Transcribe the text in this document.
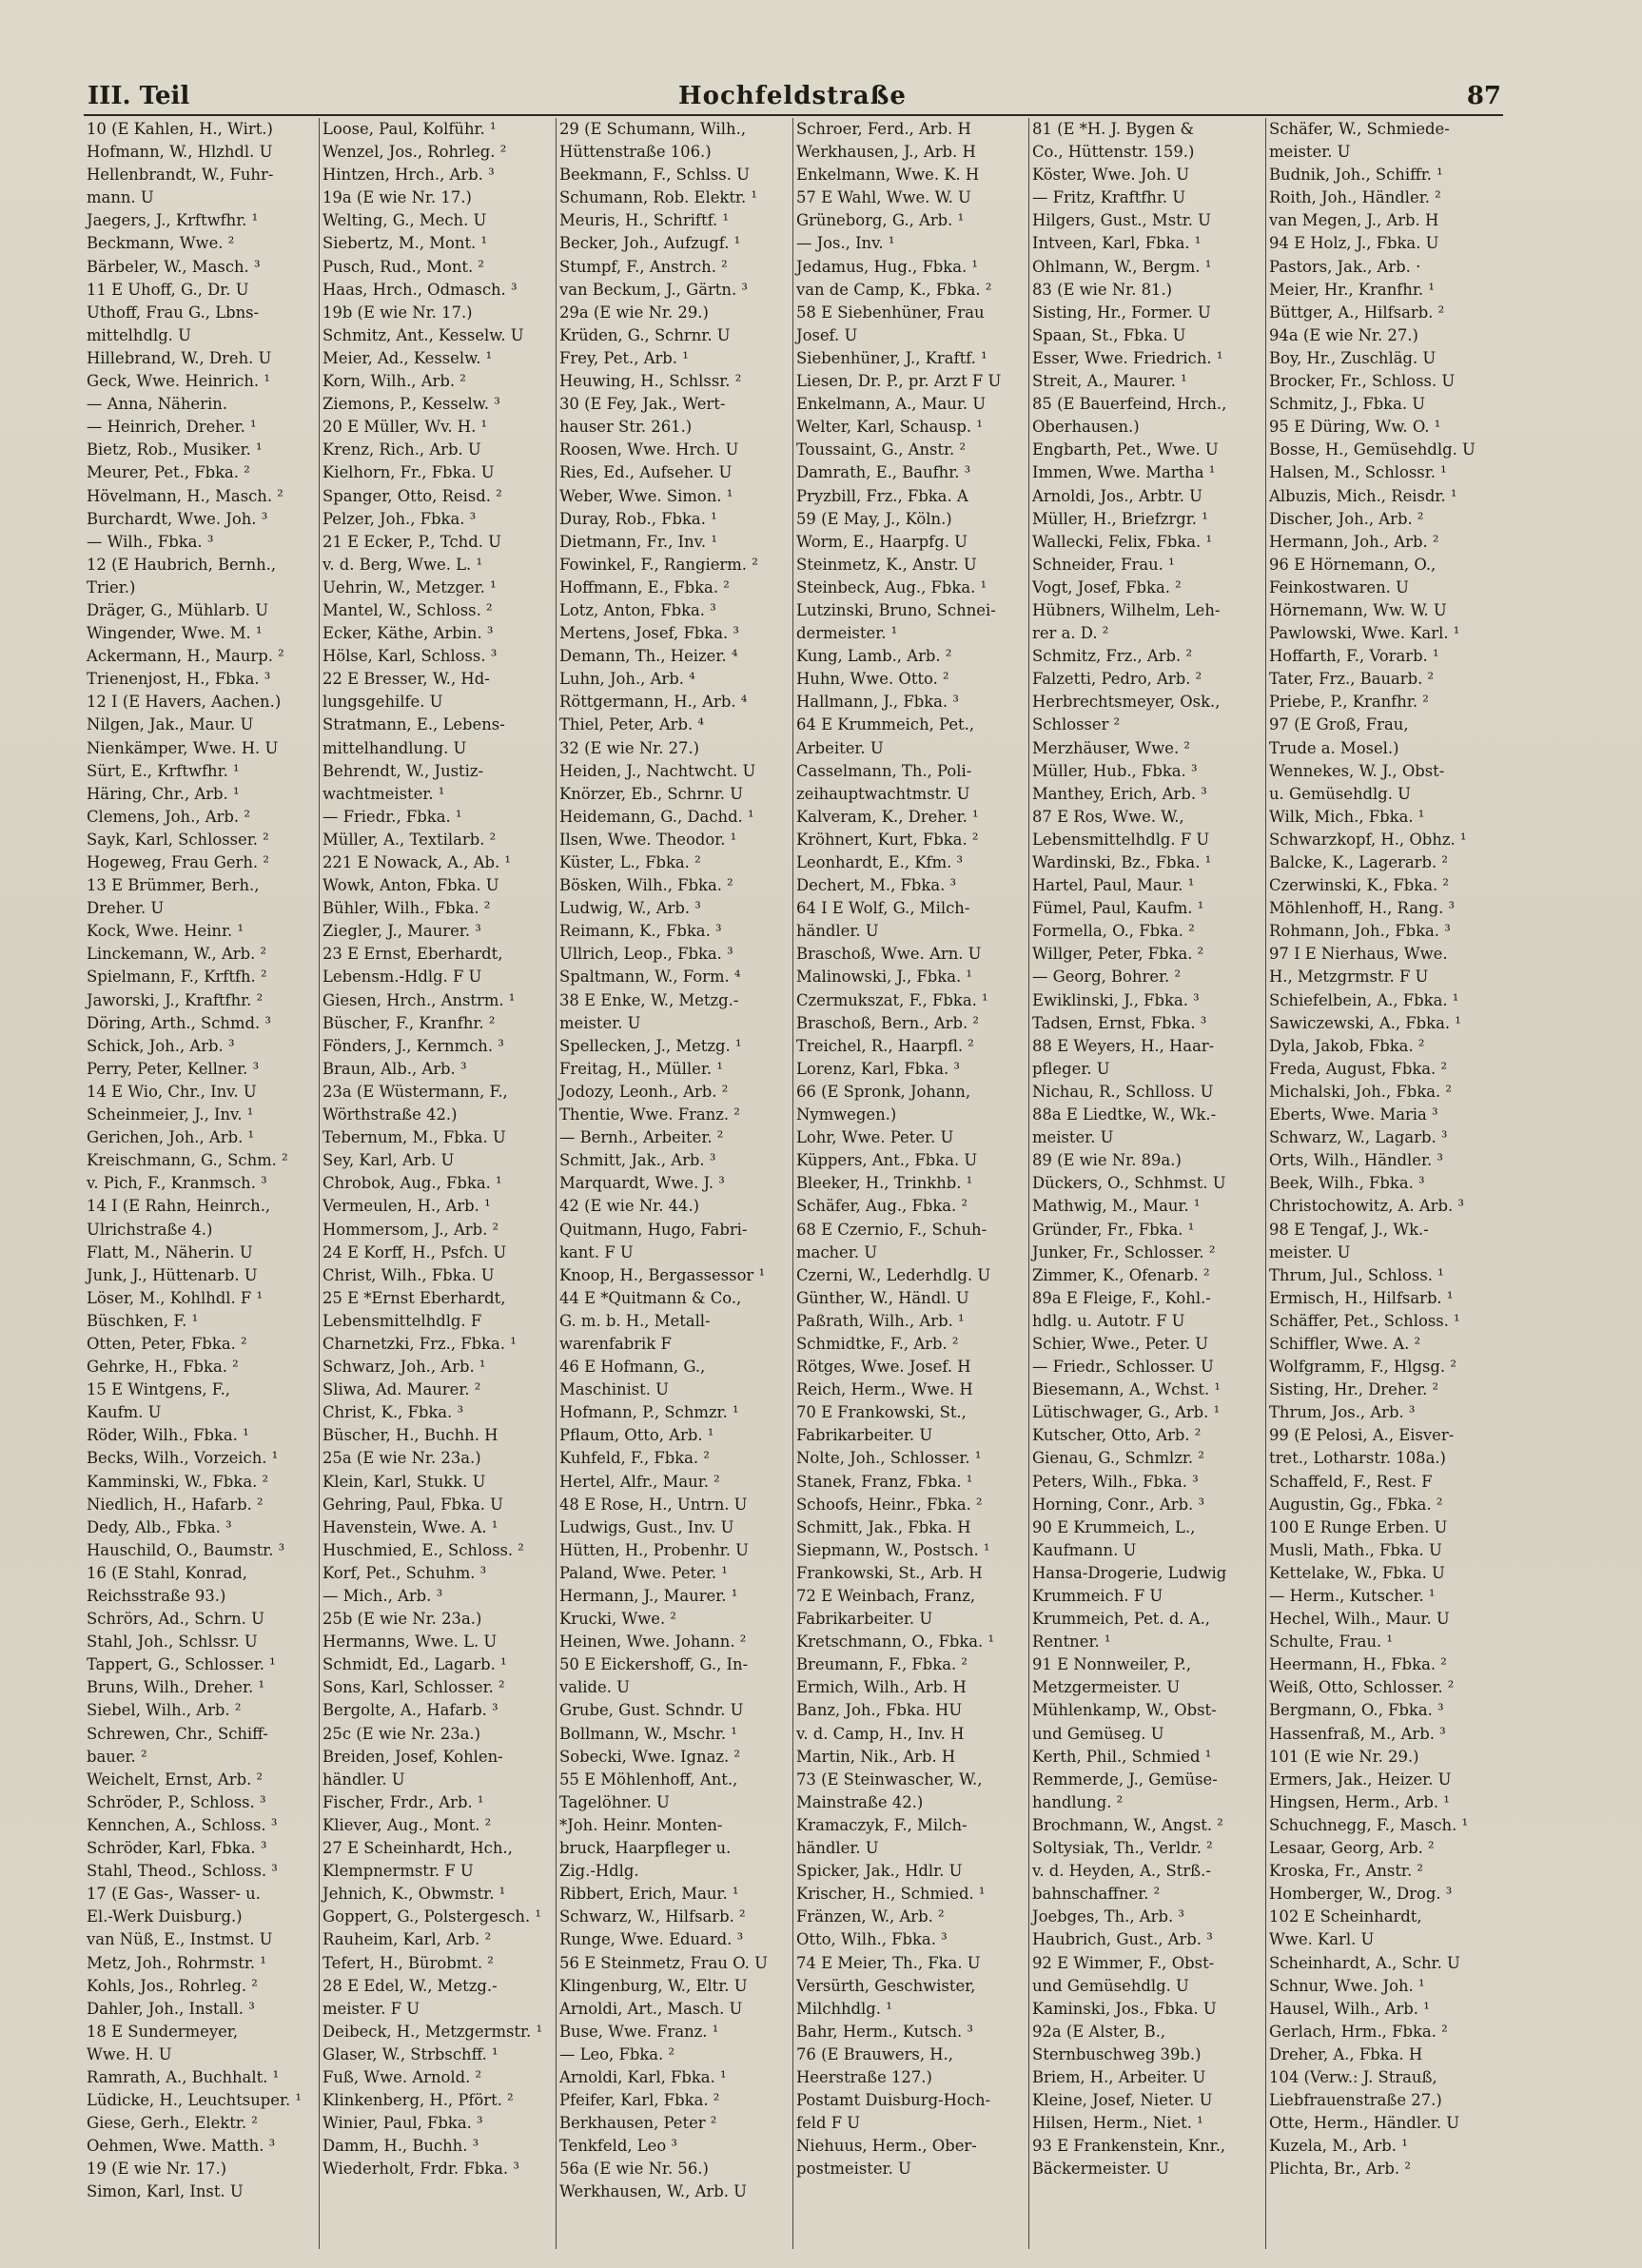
III. Teil	Hochfeldstraße	87
10 (E Kahlen, H., Wirt.)
Hofmann, W., Hlzhdl. U
Hellenbrandt, W., Fuhr-
mann. U
Jaegers, J., Krftwfhr. ¹
Beckmann, Wwe. ²
Bärbeler, W., Masch. ³
11 E Uhoff, G., Dr. U
Uthoff, Frau G., Lbns-
mittelhdlg. U
Hillebrand, W., Dreh. U
Geck, Wwe. Heinrich. ¹
— Anna, Näherin.
— Heinrich, Dreher. ¹
Bietz, Rob., Musiker. ¹
Meurer, Pet., Fbka. ²
Hövelmann, H., Masch. ²
Burchardt, Wwe. Joh. ³
— Wilh., Fbka. ³
12 (E Haubrich, Bernh.,
Trier.)
Dräger, G., Mühlarb. U
Wingender, Wwe. M. ¹
Ackermann, H., Maurp. ²
Trienenjost, H., Fbka. ³
12 I (E Havers, Aachen.)
Nilgen, Jak., Maur. U
Nienkämper, Wwe. H. U
Sürt, E., Krftwfhr. ¹
Häring, Chr., Arb. ¹
Clemens, Joh., Arb. ²
Sayk, Karl, Schlosser. ²
Hogeweg, Frau Gerh. ²
13 E Brümmer, Berh.,
Dreher. U
Kock, Wwe. Heinr. ¹
Linckemann, W., Arb. ²
Spielmann, F., Krftfh. ²
Jaworski, J., Kraftfhr. ²
Döring, Arth., Schmd. ³
Schick, Joh., Arb. ³
Perry, Peter, Kellner. ³
14 E Wio, Chr., Inv. U
Scheinmeier, J., Inv. ¹
Gerichen, Joh., Arb. ¹
Kreischmann, G., Schm. ²
v. Pich, F., Kranmsch. ³
14 I (E Rahn, Heinrch.,
Ulrichstraße 4.)
Flatt, M., Näherin. U
Junk, J., Hüttenarb. U
Löser, M., Kohlhdl. F ¹
Büschken, F. ¹
Otten, Peter, Fbka. ²
Gehrke, H., Fbka. ²
15 E Wintgens, F.,
Kaufm. U
Röder, Wilh., Fbka. ¹
Becks, Wilh., Vorzeich. ¹
Kamminski, W., Fbka. ²
Niedlich, H., Hafarb. ²
Dedy, Alb., Fbka. ³
Hauschild, O., Baumstr. ³
16 (E Stahl, Konrad,
Reichsstraße 93.)
Schrörs, Ad., Schrn. U
Stahl, Joh., Schlssr. U
Tappert, G., Schlosser. ¹
Bruns, Wilh., Dreher. ¹
Siebel, Wilh., Arb. ²
Schrewen, Chr., Schiff-
bauer. ²
Weichelt, Ernst, Arb. ²
Schröder, P., Schloss. ³
Kennchen, A., Schloss. ³
Schröder, Karl, Fbka. ³
Stahl, Theod., Schloss. ³
17 (E Gas-, Wasser- u.
El.-Werk Duisburg.)
van Nüß, E., Instmst. U
Metz, Joh., Rohrmstr. ¹
Kohls, Jos., Rohrleg. ²
Dahler, Joh., Install. ³
18 E Sundermeyer,
Wwe. H. U
Ramrath, A., Buchhalt. ¹
Lüdicke, H., Leuchtsuper. ¹
Giese, Gerh., Elektr. ²
Oehmen, Wwe. Matth. ³
19 (E wie Nr. 17.)
Simon, Karl, Inst. U
Loose, Paul, Kolführ. ¹
Wenzel, Jos., Rohrleg. ²
Hintzen, Hrch., Arb. ³
19a (E wie Nr. 17.)
Welting, G., Mech. U
Siebertz, M., Mont. ¹
Pusch, Rud., Mont. ²
Haas, Hrch., Odmasch. ³
19b (E wie Nr. 17.)
Schmitz, Ant., Kesselw. U
Meier, Ad., Kesselw. ¹
Korn, Wilh., Arb. ²
Ziemons, P., Kesselw. ³
20 E Müller, Wv. H. ¹
Krenz, Rich., Arb. U
Kielhorn, Fr., Fbka. U
Spanger, Otto, Reisd. ²
Pelzer, Joh., Fbka. ³
21 E Ecker, P., Tchd. U
v. d. Berg, Wwe. L. ¹
Uehrin, W., Metzger. ¹
Mantel, W., Schloss. ²
Ecker, Käthe, Arbin. ³
Hölse, Karl, Schloss. ³
22 E Bresser, W., Hd-
lungsgehilfe. U
Stratmann, E., Lebens-
mittelhandlung. U
Behrendt, W., Justiz-
wachtmeister. ¹
— Friedr., Fbka. ¹
Müller, A., Textilarb. ²
221 E Nowack, A., Ab. ¹
Wowk, Anton, Fbka. U
Bühler, Wilh., Fbka. ²
Ziegler, J., Maurer. ³
23 E Ernst, Eberhardt,
Lebensm.-Hdlg. F U
Giesen, Hrch., Anstrm. ¹
Büscher, F., Kranfhr. ²
Fönders, J., Kernmch. ³
Braun, Alb., Arb. ³
23a (E Wüstermann, F.,
Wörthstraße 42.)
Tebernum, M., Fbka. U
Sey, Karl, Arb. U
Chrobok, Aug., Fbka. ¹
Vermeulen, H., Arb. ¹
Hommersom, J., Arb. ²
24 E Korff, H., Psfch. U
Christ, Wilh., Fbka. U
25 E *Ernst Eberhardt,
Lebensmittelhdlg. F
Charnetzki, Frz., Fbka. ¹
Schwarz, Joh., Arb. ¹
Sliwa, Ad. Maurer. ²
Christ, K., Fbka. ³
Büscher, H., Buchh. H
25a (E wie Nr. 23a.)
Klein, Karl, Stukk. U
Gehring, Paul, Fbka. U
Havenstein, Wwe. A. ¹
Huschmied, E., Schloss. ²
Korf, Pet., Schuhm. ³
— Mich., Arb. ³
25b (E wie Nr. 23a.)
Hermanns, Wwe. L. U
Schmidt, Ed., Lagarb. ¹
Sons, Karl, Schlosser. ²
Bergolte, A., Hafarb. ³
25c (E wie Nr. 23a.)
Breiden, Josef, Kohlen-
händler. U
Fischer, Frdr., Arb. ¹
Kliever, Aug., Mont. ²
27 E Scheinhardt, Hch.,
Klempnermstr. F U
Jehnich, K., Obwmstr. ¹
Goppert, G., Polstergesch. ¹
Rauheim, Karl, Arb. ²
Tefert, H., Bürobmt. ²
28 E Edel, W., Metzg.-
meister. F U
Deibeck, H., Metzgermstr. ¹
Glaser, W., Strbschff. ¹
Fuß, Wwe. Arnold. ²
Klinkenberg, H., Pfört. ²
Winier, Paul, Fbka. ³
Damm, H., Buchh. ³
Wiederholt, Frdr. Fbka. ³
29 (E Schumann, Wilh.,
Hüttenstraße 106.)
Beekmann, F., Schlss. U
Schumann, Rob. Elektr. ¹
Meuris, H., Schriftf. ¹
Becker, Joh., Aufzugf. ¹
Stumpf, F., Anstrch. ²
van Beckum, J., Gärtn. ³
29a (E wie Nr. 29.)
Krüden, G., Schrnr. U
Frey, Pet., Arb. ¹
Heuwing, H., Schlssr. ²
30 (E Fey, Jak., Wert-
hauser Str. 261.)
Roosen, Wwe. Hrch. U
Ries, Ed., Aufseher. U
Weber, Wwe. Simon. ¹
Duray, Rob., Fbka. ¹
Dietmann, Fr., Inv. ¹
Fowinkel, F., Rangierm. ²
Hoffmann, E., Fbka. ²
Lotz, Anton, Fbka. ³
Mertens, Josef, Fbka. ³
Demann, Th., Heizer. ⁴
Luhn, Joh., Arb. ⁴
Röttgermann, H., Arb. ⁴
Thiel, Peter, Arb. ⁴
32 (E wie Nr. 27.)
Heiden, J., Nachtwcht. U
Knörzer, Eb., Schrnr. U
Heidemann, G., Dachd. ¹
Ilsen, Wwe. Theodor. ¹
Küster, L., Fbka. ²
Bösken, Wilh., Fbka. ²
Ludwig, W., Arb. ³
Reimann, K., Fbka. ³
Ullrich, Leop., Fbka. ³
Spaltmann, W., Form. ⁴
38 E Enke, W., Metzg.-
meister. U
Spellecken, J., Metzg. ¹
Freitag, H., Müller. ¹
Jodozy, Leonh., Arb. ²
Thentie, Wwe. Franz. ²
— Bernh., Arbeiter. ²
Schmitt, Jak., Arb. ³
Marquardt, Wwe. J. ³
42 (E wie Nr. 44.)
Quitmann, Hugo, Fabri-
kant. F U
Knoop, H., Bergassessor ¹
44 E *Quitmann & Co.,
G. m. b. H., Metall-
warenfabrik F
46 E Hofmann, G.,
Maschinist. U
Hofmann, P., Schmzr. ¹
Pflaum, Otto, Arb. ¹
Kuhfeld, F., Fbka. ²
Hertel, Alfr., Maur. ²
48 E Rose, H., Untrn. U
Ludwigs, Gust., Inv. U
Hütten, H., Probenhr. U
Paland, Wwe. Peter. ¹
Hermann, J., Maurer. ¹
Krucki, Wwe. ²
Heinen, Wwe. Johann. ²
50 E Eickershoff, G., In-
valide. U
Grube, Gust. Schndr. U
Bollmann, W., Mschr. ¹
Sobecki, Wwe. Ignaz. ²
55 E Möhlenhoff, Ant.,
Tagelöhner. U
*Joh. Heinr. Monten-
bruck, Haarpfleger u.
Zig.-Hdlg.
Ribbert, Erich, Maur. ¹
Schwarz, W., Hilfsarb. ²
Runge, Wwe. Eduard. ³
56 E Steinmetz, Frau O. U
Klingenburg, W., Eltr. U
Arnoldi, Art., Masch. U
Buse, Wwe. Franz. ¹
— Leo, Fbka. ²
Arnoldi, Karl, Fbka. ¹
Pfeifer, Karl, Fbka. ²
Berkhausen, Peter ²
Tenkfeld, Leo ³
56a (E wie Nr. 56.)
Werkhausen, W., Arb. U
Schroer, Ferd., Arb. H
Werkhausen, J., Arb. H
Enkelmann, Wwe. K. H
57 E Wahl, Wwe. W. U
Grüneborg, G., Arb. ¹
— Jos., Inv. ¹
Jedamus, Hug., Fbka. ¹
van de Camp, K., Fbka. ²
58 E Siebenhüner, Frau
Josef. U
Siebenhüner, J., Kraftf. ¹
Liesen, Dr. P., pr. Arzt F U
Enkelmann, A., Maur. U
Welter, Karl, Schausp. ¹
Toussaint, G., Anstr. ²
Damrath, E., Baufhr. ³
Pryzbill, Frz., Fbka. A
59 (E May, J., Köln.)
Worm, E., Haarpfg. U
Steinmetz, K., Anstr. U
Steinbeck, Aug., Fbka. ¹
Lutzinski, Bruno, Schnei-
dermeister. ¹
Kung, Lamb., Arb. ²
Huhn, Wwe. Otto. ²
Hallmann, J., Fbka. ³
64 E Krummeich, Pet.,
Arbeiter. U
Casselmann, Th., Poli-
zeihauptwachtmstr. U
Kalveram, K., Dreher. ¹
Kröhnert, Kurt, Fbka. ²
Leonhardt, E., Kfm. ³
Dechert, M., Fbka. ³
64 I E Wolf, G., Milch-
händler. U
Braschoß, Wwe. Arn. U
Malinowski, J., Fbka. ¹
Czermukszat, F., Fbka. ¹
Braschoß, Bern., Arb. ²
Treichel, R., Haarpfl. ²
Lorenz, Karl, Fbka. ³
66 (E Spronk, Johann,
Nymwegen.)
Lohr, Wwe. Peter. U
Küppers, Ant., Fbka. U
Bleeker, H., Trinkhb. ¹
Schäfer, Aug., Fbka. ²
68 E Czernio, F., Schuh-
macher. U
Czerni, W., Lederhdlg. U
Günther, W., Händl. U
Paßrath, Wilh., Arb. ¹
Schmidtke, F., Arb. ²
Rötges, Wwe. Josef. H
Reich, Herm., Wwe. H
70 E Frankowski, St.,
Fabrikarbeiter. U
Nolte, Joh., Schlosser. ¹
Stanek, Franz, Fbka. ¹
Schoofs, Heinr., Fbka. ²
Schmitt, Jak., Fbka. H
Siepmann, W., Postsch. ¹
Frankowski, St., Arb. H
72 E Weinbach, Franz,
Fabrikarbeiter. U
Kretschmann, O., Fbka. ¹
Breumann, F., Fbka. ²
Ermich, Wilh., Arb. H
Banz, Joh., Fbka. HU
v. d. Camp, H., Inv. H
Martin, Nik., Arb. H
73 (E Steinwascher, W.,
Mainstraße 42.)
Kramaczyk, F., Milch-
händler. U
Spicker, Jak., Hdlr. U
Krischer, H., Schmied. ¹
Fränzen, W., Arb. ²
Otto, Wilh., Fbka. ³
74 E Meier, Th., Fka. U
Versürth, Geschwister,
Milchhdlg. ¹
Bahr, Herm., Kutsch. ³
76 (E Brauwers, H.,
Heerstraße 127.)
Postamt Duisburg-Hoch-
feld F U
Niehuus, Herm., Ober-
postmeister. U
81 (E *H. J. Bygen &
Co., Hüttenstr. 159.)
Köster, Wwe. Joh. U
— Fritz, Kraftfhr. U
Hilgers, Gust., Mstr. U
Intveen, Karl, Fbka. ¹
Ohlmann, W., Bergm. ¹
83 (E wie Nr. 81.)
Sisting, Hr., Former. U
Spaan, St., Fbka. U
Esser, Wwe. Friedrich. ¹
Streit, A., Maurer. ¹
85 (E Bauerfeind, Hrch.,
Oberhausen.)
Engbarth, Pet., Wwe. U
Immen, Wwe. Martha ¹
Arnoldi, Jos., Arbtr. U
Müller, H., Briefzrgr. ¹
Wallecki, Felix, Fbka. ¹
Schneider, Frau. ¹
Vogt, Josef, Fbka. ²
Hübners, Wilhelm, Leh-
rer a. D. ²
Schmitz, Frz., Arb. ²
Falzetti, Pedro, Arb. ²
Herbrechtsmeyer, Osk.,
Schlosser ²
Merzhäuser, Wwe. ²
Müller, Hub., Fbka. ³
Manthey, Erich, Arb. ³
87 E Ros, Wwe. W.,
Lebensmittelhdlg. F U
Wardinski, Bz., Fbka. ¹
Hartel, Paul, Maur. ¹
Fümel, Paul, Kaufm. ¹
Formella, O., Fbka. ²
Willger, Peter, Fbka. ²
— Georg, Bohrer. ²
Ewiklinski, J., Fbka. ³
Tadsen, Ernst, Fbka. ³
88 E Weyers, H., Haar-
pfleger. U
Nichau, R., Schlloss. U
88a E Liedtke, W., Wk.-
meister. U
89 (E wie Nr. 89a.)
Dückers, O., Schhmst. U
Mathwig, M., Maur. ¹
Gründer, Fr., Fbka. ¹
Junker, Fr., Schlosser. ²
Zimmer, K., Ofenarb. ²
89a E Fleige, F., Kohl.-
hdlg. u. Autotr. F U
Schier, Wwe., Peter. U
— Friedr., Schlosser. U
Biesemann, A., Wchst. ¹
Lütischwager, G., Arb. ¹
Kutscher, Otto, Arb. ²
Gienau, G., Schmlzr. ²
Peters, Wilh., Fbka. ³
Horning, Conr., Arb. ³
90 E Krummeich, L.,
Kaufmann. U
Hansa-Drogerie, Ludwig
Krummeich. F U
Krummeich, Pet. d. A.,
Rentner. ¹
91 E Nonnweiler, P.,
Metzgermeister. U
Mühlenkamp, W., Obst-
und Gemüseg. U
Kerth, Phil., Schmied ¹
Remmerde, J., Gemüse-
handlung. ²
Brochmann, W., Angst. ²
Soltysiak, Th., Verldr. ²
v. d. Heyden, A., Strß.-
bahnschaffner. ²
Joebges, Th., Arb. ³
Haubrich, Gust., Arb. ³
92 E Wimmer, F., Obst-
und Gemüsehdlg. U
Kaminski, Jos., Fbka. U
92a (E Alster, B.,
Sternbuschweg 39b.)
Briem, H., Arbeiter. U
Kleine, Josef, Nieter. U
Hilsen, Herm., Niet. ¹
93 E Frankenstein, Knr.,
Bäckermeister. U
Schäfer, W., Schmiede-
meister. U
Budnik, Joh., Schiffr. ¹
Roith, Joh., Händler. ²
van Megen, J., Arb. H
94 E Holz, J., Fbka. U
Pastors, Jak., Arb. ·
Meier, Hr., Kranfhr. ¹
Büttger, A., Hilfsarb. ²
94a (E wie Nr. 27.)
Boy, Hr., Zuschläg. U
Brocker, Fr., Schloss. U
Schmitz, J., Fbka. U
95 E Düring, Ww. O. ¹
Bosse, H., Gemüsehdlg. U
Halsen, M., Schlossr. ¹
Albuzis, Mich., Reisdr. ¹
Discher, Joh., Arb. ²
Hermann, Joh., Arb. ²
96 E Hörnemann, O.,
Feinkostwaren. U
Hörnemann, Ww. W. U
Pawlowski, Wwe. Karl. ¹
Hoffarth, F., Vorarb. ¹
Tater, Frz., Bauarb. ²
Priebe, P., Kranfhr. ²
97 (E Groß, Frau,
Trude a. Mosel.)
Wennekes, W. J., Obst-
u. Gemüsehdlg. U
Wilk, Mich., Fbka. ¹
Schwarzkopf, H., Obhz. ¹
Balcke, K., Lagerarb. ²
Czerwinski, K., Fbka. ²
Möhlenhoff, H., Rang. ³
Rohmann, Joh., Fbka. ³
97 I E Nierhaus, Wwe.
H., Metzgrmstr. F U
Schiefelbein, A., Fbka. ¹
Sawiczewski, A., Fbka. ¹
Dyla, Jakob, Fbka. ²
Freda, August, Fbka. ²
Michalski, Joh., Fbka. ²
Eberts, Wwe. Maria ³
Schwarz, W., Lagarb. ³
Orts, Wilh., Händler. ³
Beek, Wilh., Fbka. ³
Christochowitz, A. Arb. ³
98 E Tengaf, J., Wk.-
meister. U
Thrum, Jul., Schloss. ¹
Ermisch, H., Hilfsarb. ¹
Schäffer, Pet., Schloss. ¹
Schiffler, Wwe. A. ²
Wolfgramm, F., Hlgsg. ²
Sisting, Hr., Dreher. ²
Thrum, Jos., Arb. ³
99 (E Pelosi, A., Eisver-
tret., Lotharstr. 108a.)
Schaffeld, F., Rest. F
Augustin, Gg., Fbka. ²
100 E Runge Erben. U
Musli, Math., Fbka. U
Kettelake, W., Fbka. U
— Herm., Kutscher. ¹
Hechel, Wilh., Maur. U
Schulte, Frau. ¹
Heermann, H., Fbka. ²
Weiß, Otto, Schlosser. ²
Bergmann, O., Fbka. ³
Hassenfraß, M., Arb. ³
101 (E wie Nr. 29.)
Ermers, Jak., Heizer. U
Hingsen, Herm., Arb. ¹
Schuchnegg, F., Masch. ¹
Lesaar, Georg, Arb. ²
Kroska, Fr., Anstr. ²
Homberger, W., Drog. ³
102 E Scheinhardt,
Wwe. Karl. U
Scheinhardt, A., Schr. U
Schnur, Wwe. Joh. ¹
Hausel, Wilh., Arb. ¹
Gerlach, Hrm., Fbka. ²
Dreher, A., Fbka. H
104 (Verw.: J. Strauß,
Liebfrauenstraße 27.)
Otte, Herm., Händler. U
Kuzela, M., Arb. ¹
Plichta, Br., Arb. ²
